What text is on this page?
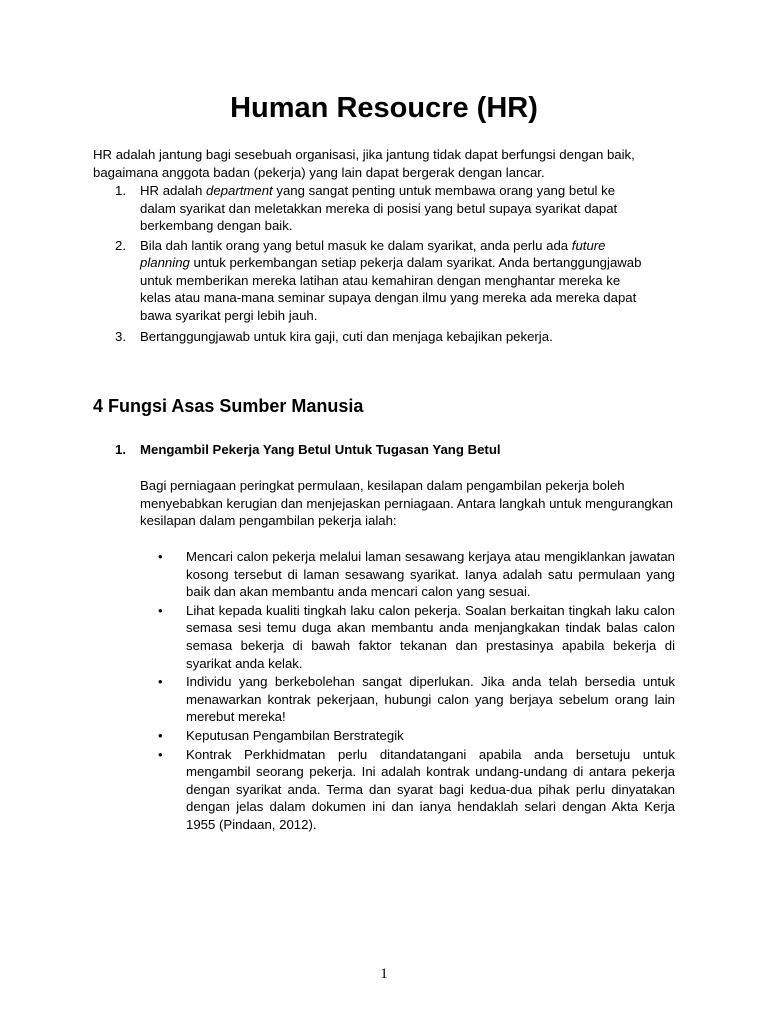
Human Resoucre (HR)

HR adalah jantung bagi sesebuah organisasi, jika jantung tidak dapat berfungsi dengan baik, bagaimana anggota badan (pekerja) yang lain dapat bergerak dengan lancar.

1. HR adalah department yang sangat penting untuk membawa orang yang betul ke dalam syarikat dan meletakkan mereka di posisi yang betul supaya syarikat dapat berkembang dengan baik.
2. Bila dah lantik orang yang betul masuk ke dalam syarikat, anda perlu ada future planning untuk perkembangan setiap pekerja dalam syarikat. Anda bertanggungjawab untuk memberikan mereka latihan atau kemahiran dengan menghantar mereka ke kelas atau mana-mana seminar supaya dengan ilmu yang mereka ada mereka dapat bawa syarikat pergi lebih jauh.
3. Bertanggungjawab untuk kira gaji, cuti dan menjaga kebajikan pekerja.
4 Fungsi Asas Sumber Manusia
1. Mengambil Pekerja Yang Betul Untuk Tugasan Yang Betul

Bagi perniagaan peringkat permulaan, kesilapan dalam pengambilan pekerja boleh menyebabkan kerugian dan menjejaskan perniagaan. Antara langkah untuk mengurangkan kesilapan dalam pengambilan pekerja ialah:

• Mencari calon pekerja melalui laman sesawang kerjaya atau mengiklankan jawatan kosong tersebut di laman sesawang syarikat. Ianya adalah satu permulaan yang baik dan akan membantu anda mencari calon yang sesuai.
• Lihat kepada kualiti tingkah laku calon pekerja. Soalan berkaitan tingkah laku calon semasa sesi temu duga akan membantu anda menjangkakan tindak balas calon semasa bekerja di bawah faktor tekanan dan prestasinya apabila bekerja di syarikat anda kelak.
• Individu yang berkebolehan sangat diperlukan. Jika anda telah bersedia untuk menawarkan kontrak pekerjaan, hubungi calon yang berjaya sebelum orang lain merebut mereka!
• Keputusan Pengambilan Berstrategik
• Kontrak Perkhidmatan perlu ditandatangani apabila anda bersetuju untuk mengambil seorang pekerja. Ini adalah kontrak undang-undang di antara pekerja dengan syarikat anda. Terma dan syarat bagi kedua-dua pihak perlu dinyatakan dengan jelas dalam dokumen ini dan ianya hendaklah selari dengan Akta Kerja 1955 (Pindaan, 2012).
1
